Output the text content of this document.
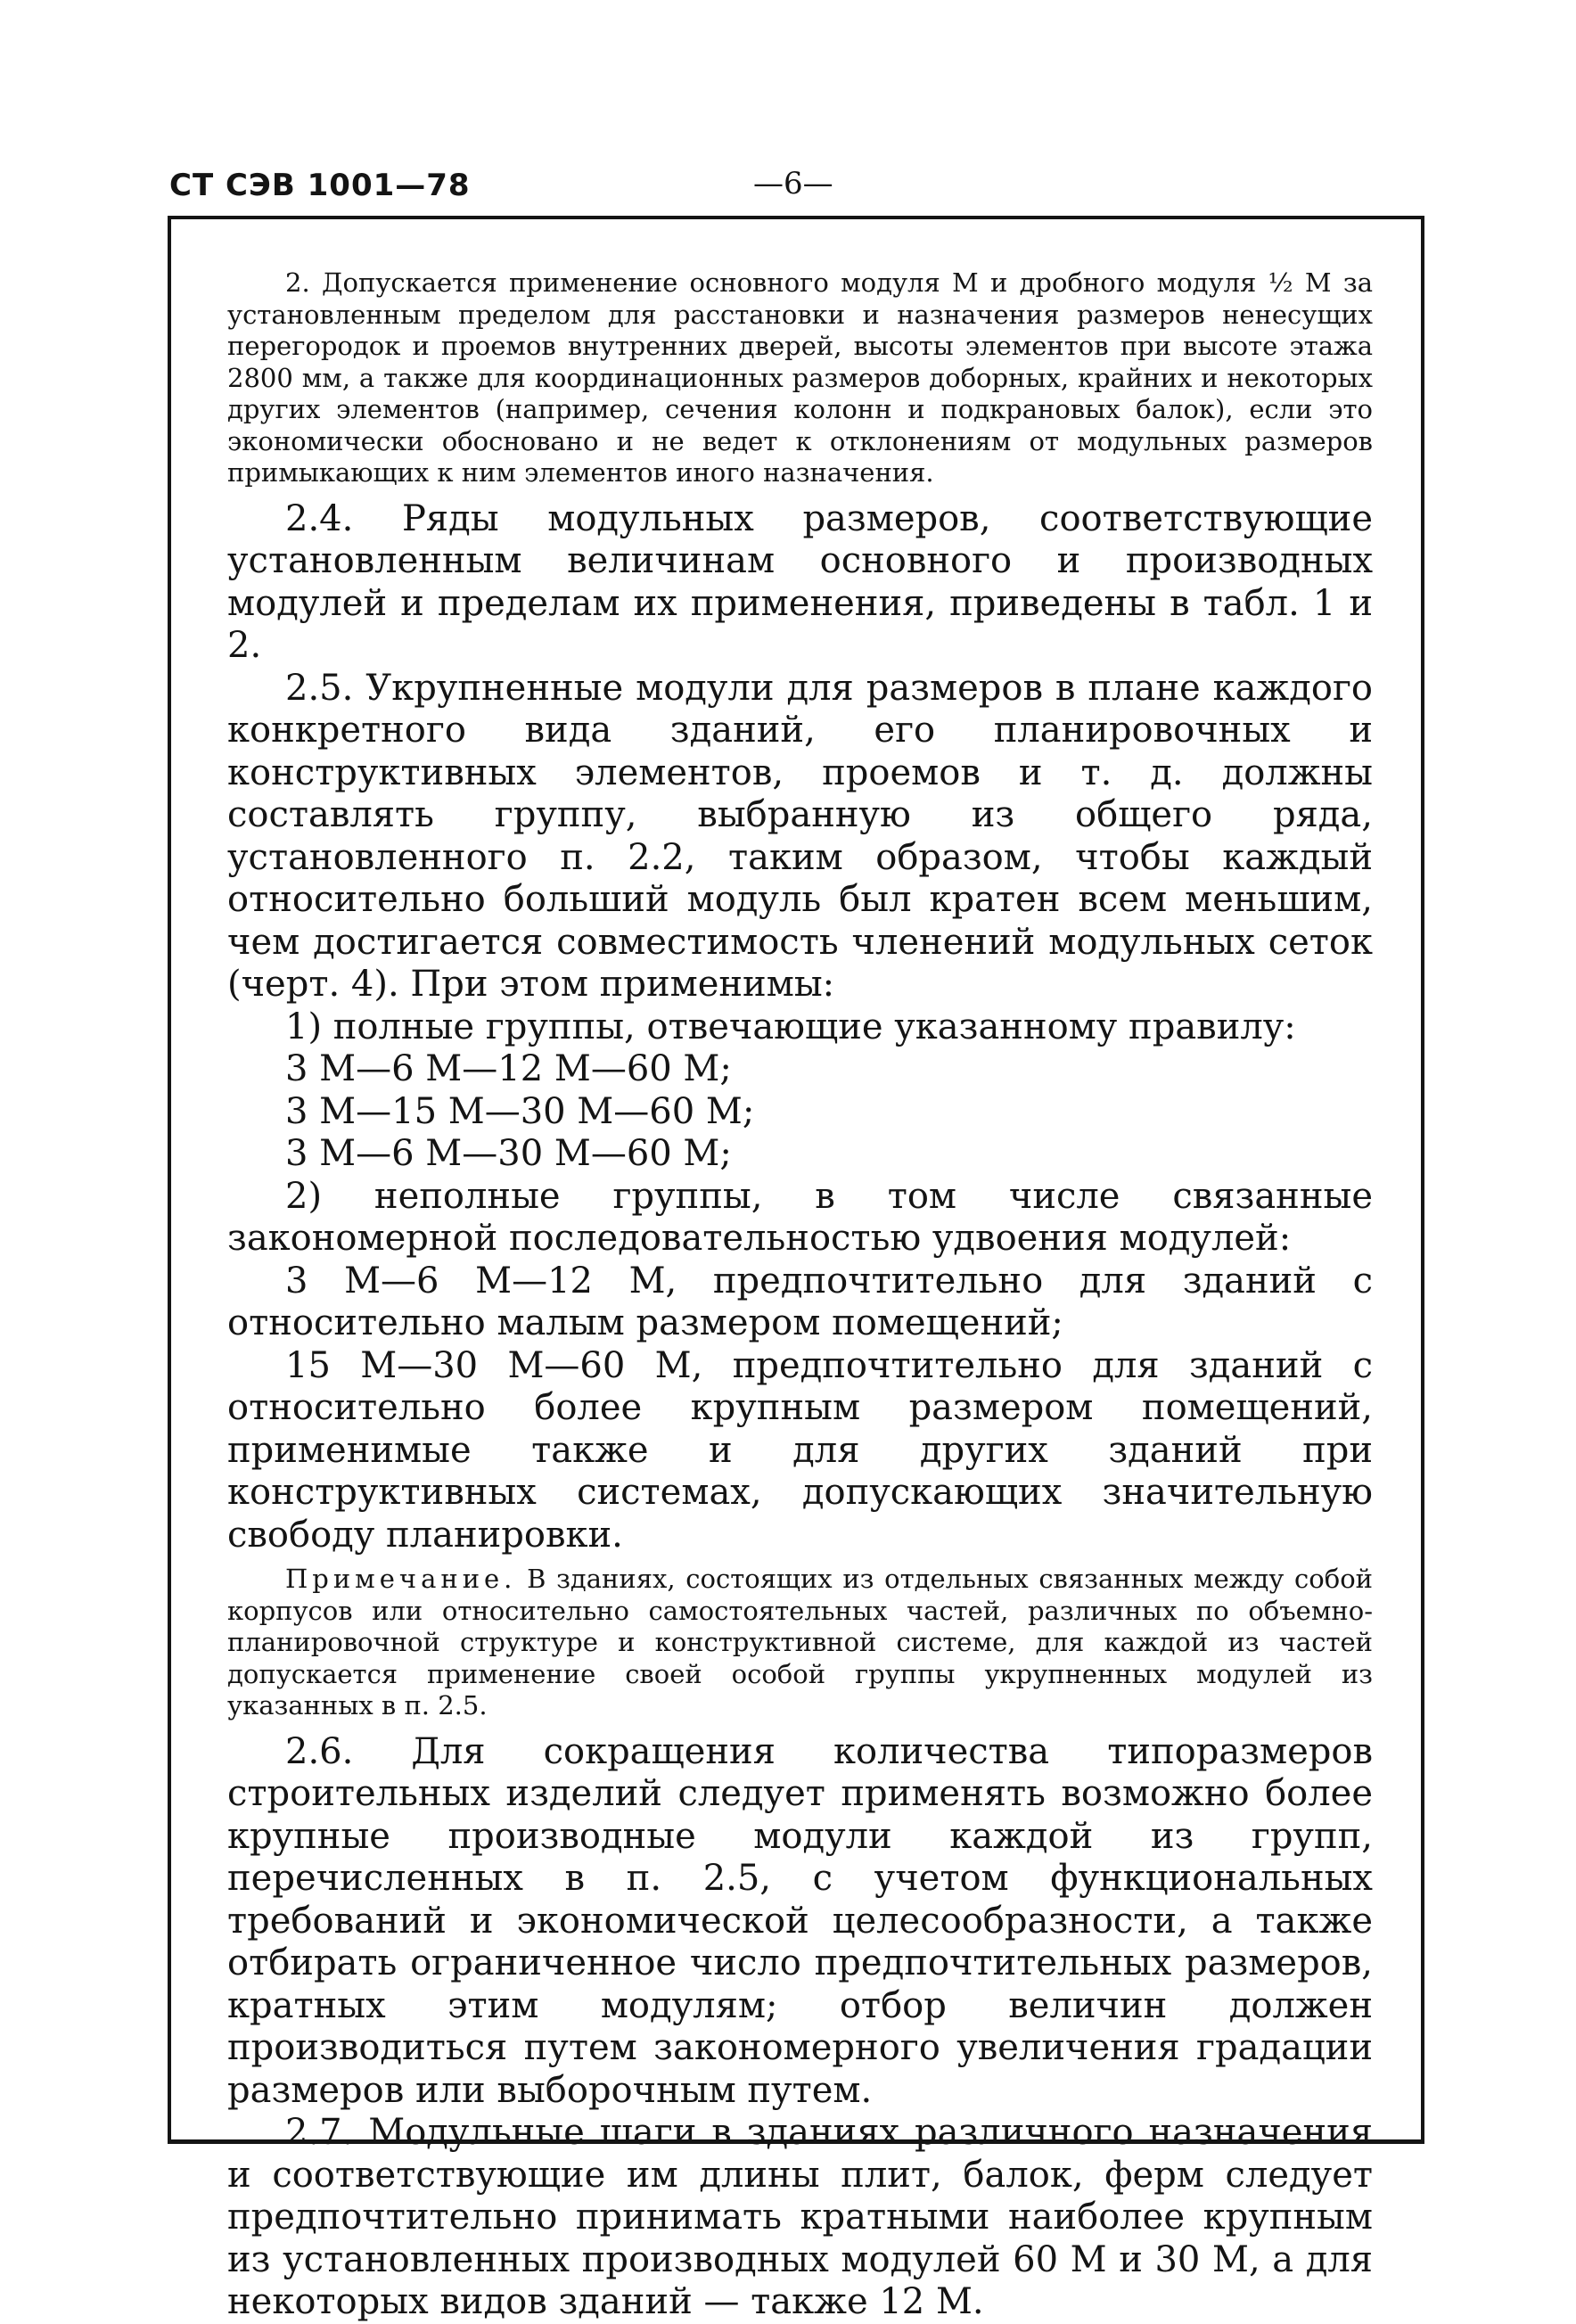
СТ СЭВ 1001—78	—6—

2. Допускается применение основного модуля М и дробного модуля ½ М за установленным пределом для расстановки и назначения размеров ненесущих перегородок и проемов внутренних дверей, высоты элементов при высоте этажа 2800 мм, а также для координационных размеров доборных, крайних и некоторых других элементов (например, сечения колонн и подкрановых балок), если это экономически обосновано и не ведет к отклонениям от модульных размеров примыкающих к ним элементов иного назначения.

2.4. Ряды модульных размеров, соответствующие установленным величинам основного и производных модулей и пределам их применения, приведены в табл. 1 и 2.

2.5. Укрупненные модули для размеров в плане каждого конкретного вида зданий, его планировочных и конструктивных элементов, проемов и т. д. должны составлять группу, выбранную из общего ряда, установленного п. 2.2, таким образом, чтобы каждый относительно больший модуль был кратен всем меньшим, чем достигается совместимость членений модульных сеток (черт. 4). При этом применимы:

1) полные группы, отвечающие указанному правилу:
3 М—6 М—12 М—60 М;
3 М—15 М—30 М—60 М;
3 М—6 М—30 М—60 М;

2) неполные группы, в том числе связанные закономерной последовательностью удвоения модулей:

3 М—6 М—12 М, предпочтительно для зданий с относительно малым размером помещений;

15 М—30 М—60 М, предпочтительно для зданий с относительно более крупным размером помещений, применимые также и для других зданий при конструктивных системах, допускающих значительную свободу планировки.

Примечание. В зданиях, состоящих из отдельных связанных между собой корпусов или относительно самостоятельных частей, различных по объемно-планировочной структуре и конструктивной системе, для каждой из частей допускается применение своей особой группы укрупненных модулей из указанных в п. 2.5.

2.6. Для сокращения количества типоразмеров строительных изделий следует применять возможно более крупные производные модули каждой из групп, перечисленных в п. 2.5, с учетом функциональных требований и экономической целесообразности, а также отбирать ограниченное число предпочтительных размеров, кратных этим модулям; отбор величин должен производиться путем закономерного увеличения градации размеров или выборочным путем.

2.7. Модульные шаги в зданиях различного назначения и соответствующие им длины плит, балок, ферм следует предпочтительно принимать кратными наиболее крупным из установленных производных модулей 60 М и 30 М, а для некоторых видов зданий — также 12 М.
